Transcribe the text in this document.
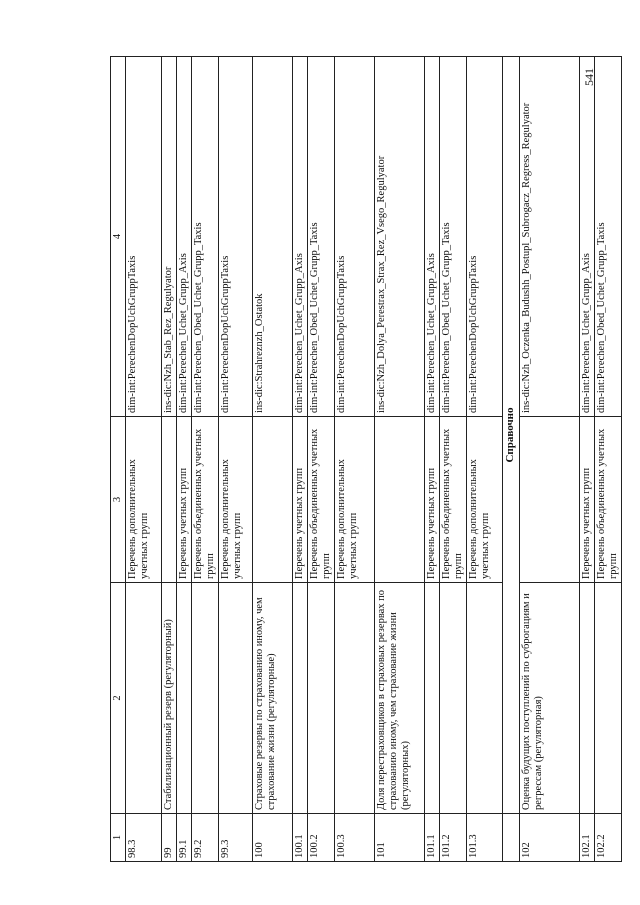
541
1	2	3	4
98.3		Перечень дополнительных учетных групп	dim-int:PerechenDopUchGruppTaxis
99	Стабилизационный резерв (регуляторный)		ins-dic:Nzh_Stab_Rez_Regulyator
99.1		Перечень учетных групп	dim-int:Perechen_Uchet_Grupp_Axis
99.2		Перечень объединенных учетных групп	dim-int:Perechen_Obed_Uchet_Grupp_Taxis
99.3		Перечень дополнительных учетных групп	dim-int:PerechenDopUchGruppTaxis
100	Страховые резервы по страхованию иному, чем страхование жизни (регуляторные)		ins-dic:Strahreznzh_Ostatok
100.1		Перечень учетных групп	dim-int:Perechen_Uchet_Grupp_Axis
100.2		Перечень объединенных учетных групп	dim-int:Perechen_Obed_Uchet_Grupp_Taxis
100.3		Перечень дополнительных учетных групп	dim-int:PerechenDopUchGruppTaxis
101	Доля перестраховщиков в страховых резервах по страхованию иному, чем страхование жизни (регуляторных)		ins-dic:Nzh_Dolya_Perestrax_Strax_Rez_Vsego_Regulyator
101.1		Перечень учетных групп	dim-int:Perechen_Uchet_Grupp_Axis
101.2		Перечень объединенных учетных групп	dim-int:Perechen_Obed_Uchet_Grupp_Taxis
101.3		Перечень дополнительных учетных групп	dim-int:PerechenDopUchGruppTaxis
	Справочно		
102	Оценка будущих поступлений по суброгациям и регрессам (регуляторная)		ins-dic:Nzh_Oczenka_Budushh_Postupl_Subrogacz_Regress_Regulyator
102.1		Перечень учетных групп	dim-int:Perechen_Uchet_Grupp_Axis
102.2		Перечень объединенных учетных групп	dim-int:Perechen_Obed_Uchet_Grupp_Taxis
